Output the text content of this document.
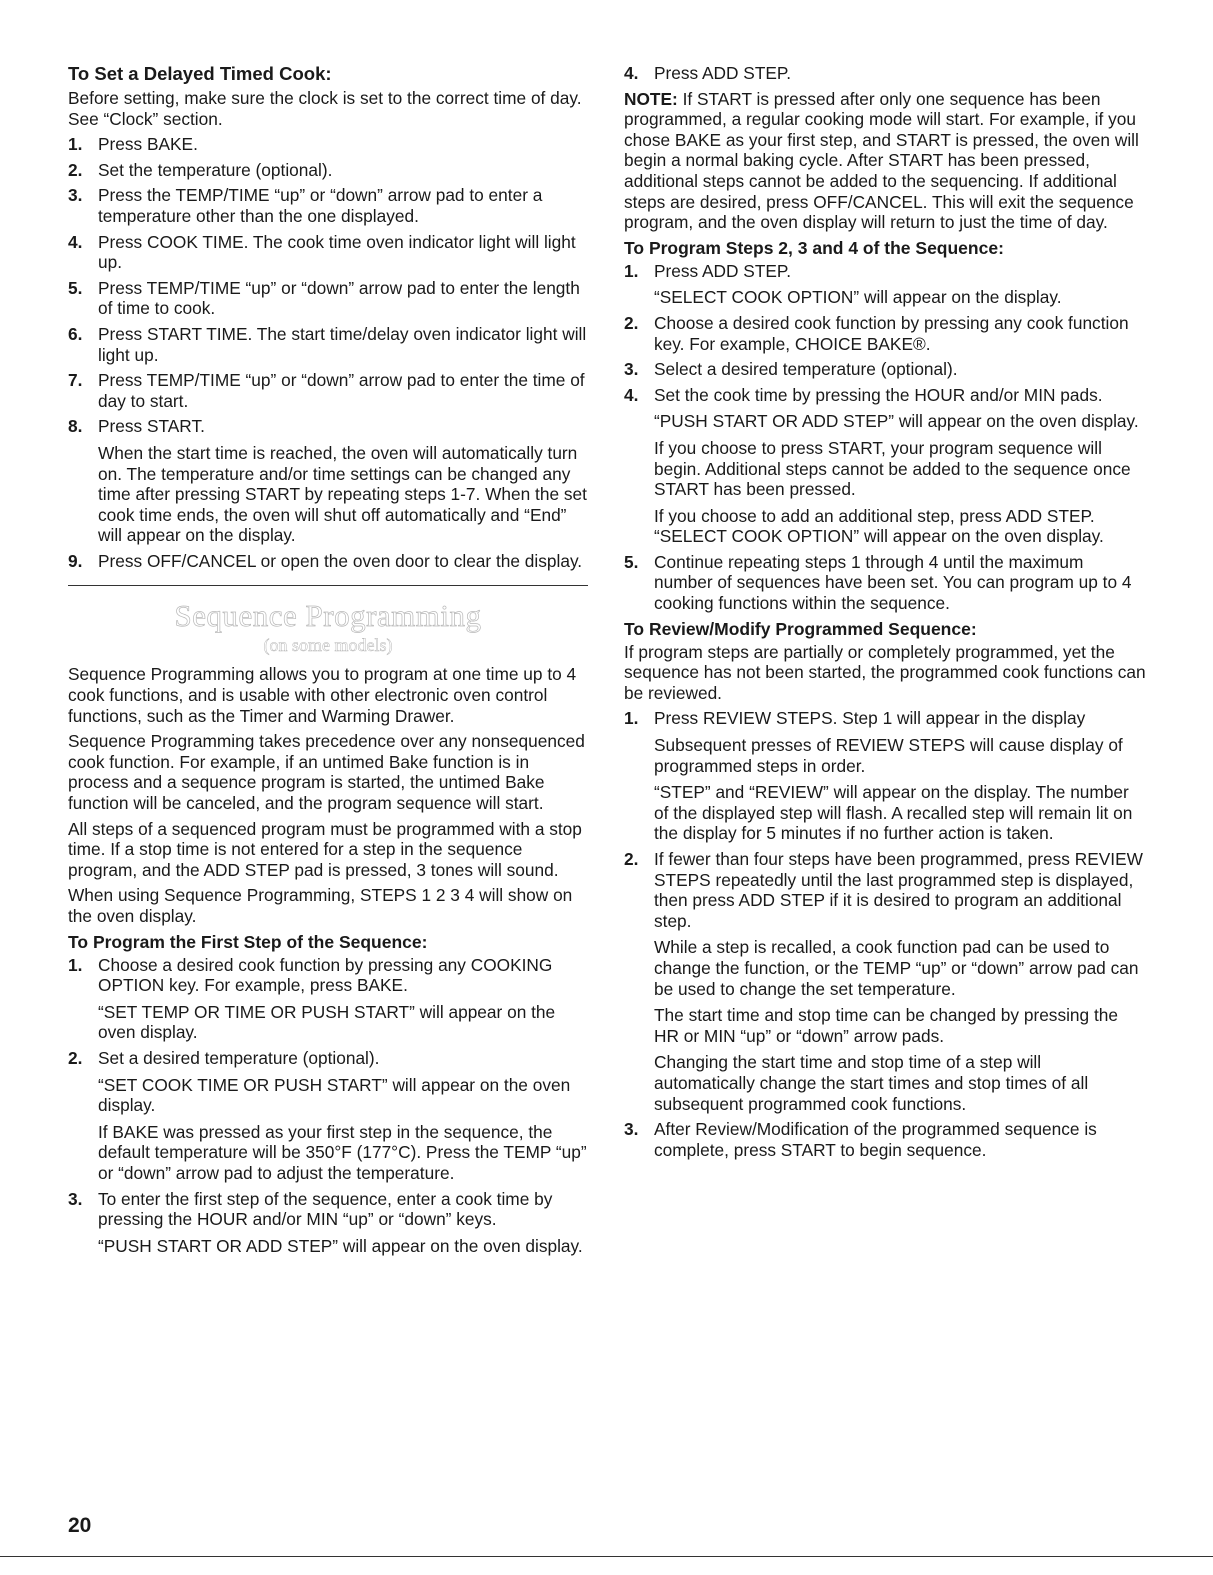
To Set a Delayed Timed Cook:
Before setting, make sure the clock is set to the correct time of day. See “Clock” section.
1. Press BAKE.

2. Set the temperature (optional).

3. Press the TEMP/TIME “up” or “down” arrow pad to enter a temperature other than the one displayed.

4. Press COOK TIME. The cook time oven indicator light will light up.

5. Press TEMP/TIME “up” or “down” arrow pad to enter the length of time to cook.

6. Press START TIME. The start time/delay oven indicator light will light up.

7. Press TEMP/TIME “up” or “down” arrow pad to enter the time of day to start.

8. Press START.

When the start time is reached, the oven will automatically turn on. The temperature and/or time settings can be changed any time after pressing START by repeating steps 1-7. When the set cook time ends, the oven will shut off automatically and “End” will appear on the display.

9. Press OFF/CANCEL or open the oven door to clear the display.

Sequence Programming
(on some models)
Sequence Programming allows you to program at one time up to 4 cook functions, and is usable with other electronic oven control functions, such as the Timer and Warming Drawer.
Sequence Programming takes precedence over any nonsequenced cook function. For example, if an untimed Bake function is in process and a sequence program is started, the untimed Bake function will be canceled, and the program sequence will start.
All steps of a sequenced program must be programmed with a stop time. If a stop time is not entered for a step in the sequence program, and the ADD STEP pad is pressed, 3 tones will sound.
When using Sequence Programming, STEPS 1 2 3 4 will show on the oven display.
To Program the First Step of the Sequence:
1. Choose a desired cook function by pressing any COOKING OPTION key. For example, press BAKE.

“SET TEMP OR TIME OR PUSH START” will appear on the oven display.

2. Set a desired temperature (optional).

“SET COOK TIME OR PUSH START” will appear on the oven display.

If BAKE was pressed as your first step in the sequence, the default temperature will be 350°F (177°C). Press the TEMP “up” or “down” arrow pad to adjust the temperature.

3. To enter the first step of the sequence, enter a cook time by pressing the HOUR and/or MIN “up” or “down” keys.

“PUSH START OR ADD STEP” will appear on the oven display.

4. Press ADD STEP.

NOTE: If START is pressed after only one sequence has been programmed, a regular cooking mode will start. For example, if you chose BAKE as your first step, and START is pressed, the oven will begin a normal baking cycle. After START has been pressed, additional steps cannot be added to the sequencing. If additional steps are desired, press OFF/CANCEL. This will exit the sequence program, and the oven display will return to just the time of day.
To Program Steps 2, 3 and 4 of the Sequence:
1. Press ADD STEP.

“SELECT COOK OPTION” will appear on the display.

2. Choose a desired cook function by pressing any cook function key. For example, CHOICE BAKE®.

3. Select a desired temperature (optional).

4. Set the cook time by pressing the HOUR and/or MIN pads.

“PUSH START OR ADD STEP” will appear on the oven display.

If you choose to press START, your program sequence will begin. Additional steps cannot be added to the sequence once START has been pressed.

If you choose to add an additional step, press ADD STEP. “SELECT COOK OPTION” will appear on the oven display.

5. Continue repeating steps 1 through 4 until the maximum number of sequences have been set. You can program up to 4 cooking functions within the sequence.

To Review/Modify Programmed Sequence:
If program steps are partially or completely programmed, yet the sequence has not been started, the programmed cook functions can be reviewed.
1. Press REVIEW STEPS. Step 1 will appear in the display

Subsequent presses of REVIEW STEPS will cause display of programmed steps in order.

“STEP” and “REVIEW” will appear on the display. The number of the displayed step will flash. A recalled step will remain lit on the display for 5 minutes if no further action is taken.

2. If fewer than four steps have been programmed, press REVIEW STEPS repeatedly until the last programmed step is displayed, then press ADD STEP if it is desired to program an additional step.

While a step is recalled, a cook function pad can be used to change the function, or the TEMP “up” or “down” arrow pad can be used to change the set temperature.

The start time and stop time can be changed by pressing the HR or MIN “up” or “down” arrow pads.

Changing the start time and stop time of a step will automatically change the start times and stop times of all subsequent programmed cook functions.

3. After Review/Modification of the programmed sequence is complete, press START to begin sequence.

20
